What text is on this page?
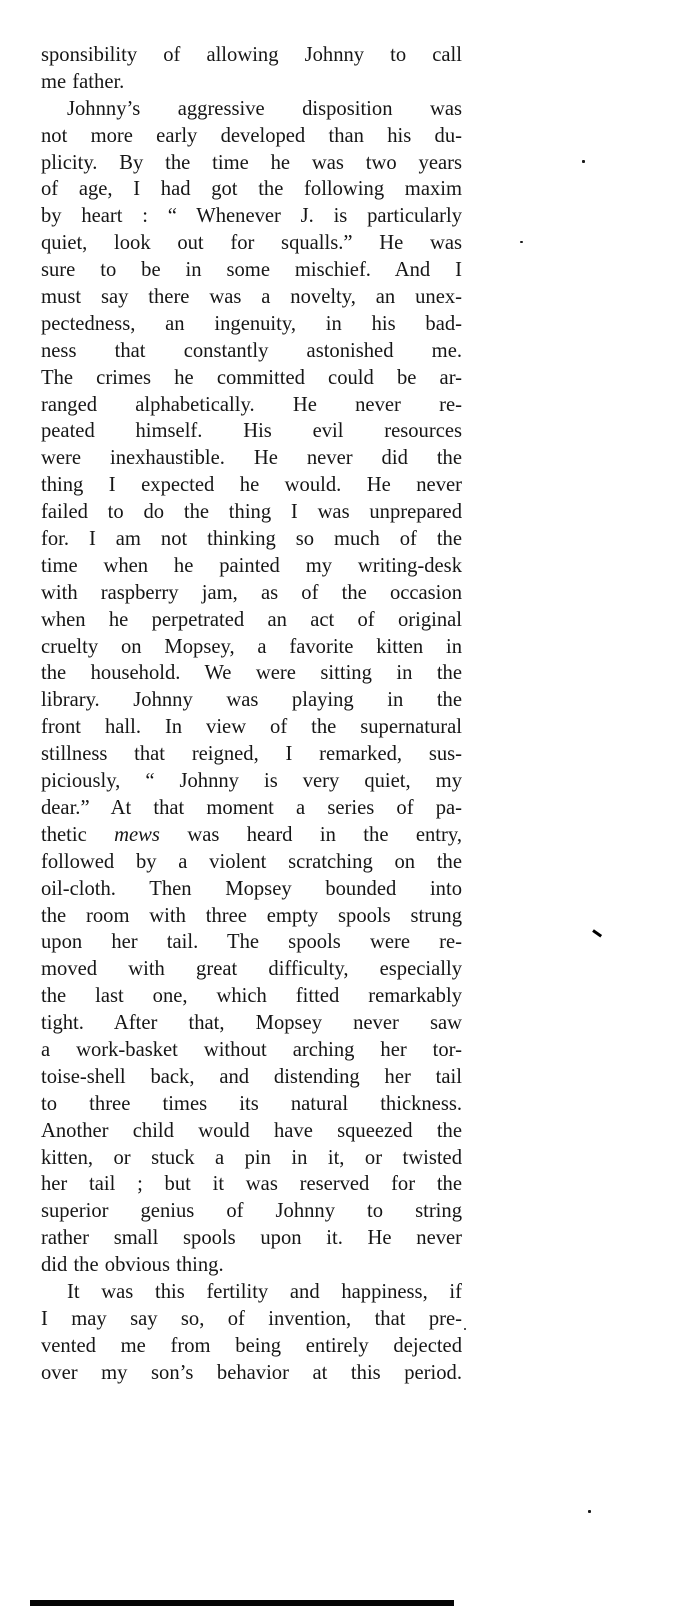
sponsibility of allowing Johnny to call
me father.
Johnny’s aggressive disposition was
not more early developed than his du-
plicity. By the time he was two years
of age, I had got the following maxim
by heart : “ Whenever J. is particularly
quiet, look out for squalls.” He was
sure to be in some mischief. And I
must say there was a novelty, an unex-
pectedness, an ingenuity, in his bad-
ness that constantly astonished me.
The crimes he committed could be ar-
ranged alphabetically. He never re-
peated himself. His evil resources
were inexhaustible. He never did the
thing I expected he would. He never
failed to do the thing I was unprepared
for. I am not thinking so much of the
time when he painted my writing-desk
with raspberry jam, as of the occasion
when he perpetrated an act of original
cruelty on Mopsey, a favorite kitten in
the household. We were sitting in the
library. Johnny was playing in the
front hall. In view of the supernatural
stillness that reigned, I remarked, sus-
piciously, “ Johnny is very quiet, my
dear.” At that moment a series of pa-
thetic mews was heard in the entry,
followed by a violent scratching on the
oil-cloth. Then Mopsey bounded into
the room with three empty spools strung
upon her tail. The spools were re-
moved with great difficulty, especially
the last one, which fitted remarkably
tight. After that, Mopsey never saw
a work-basket without arching her tor-
toise-shell back, and distending her tail
to three times its natural thickness.
Another child would have squeezed the
kitten, or stuck a pin in it, or twisted
her tail ; but it was reserved for the
superior genius of Johnny to string
rather small spools upon it. He never
did the obvious thing.
It was this fertility and happiness, if
I may say so, of invention, that pre-
vented me from being entirely dejected
over my son’s behavior at this period.
